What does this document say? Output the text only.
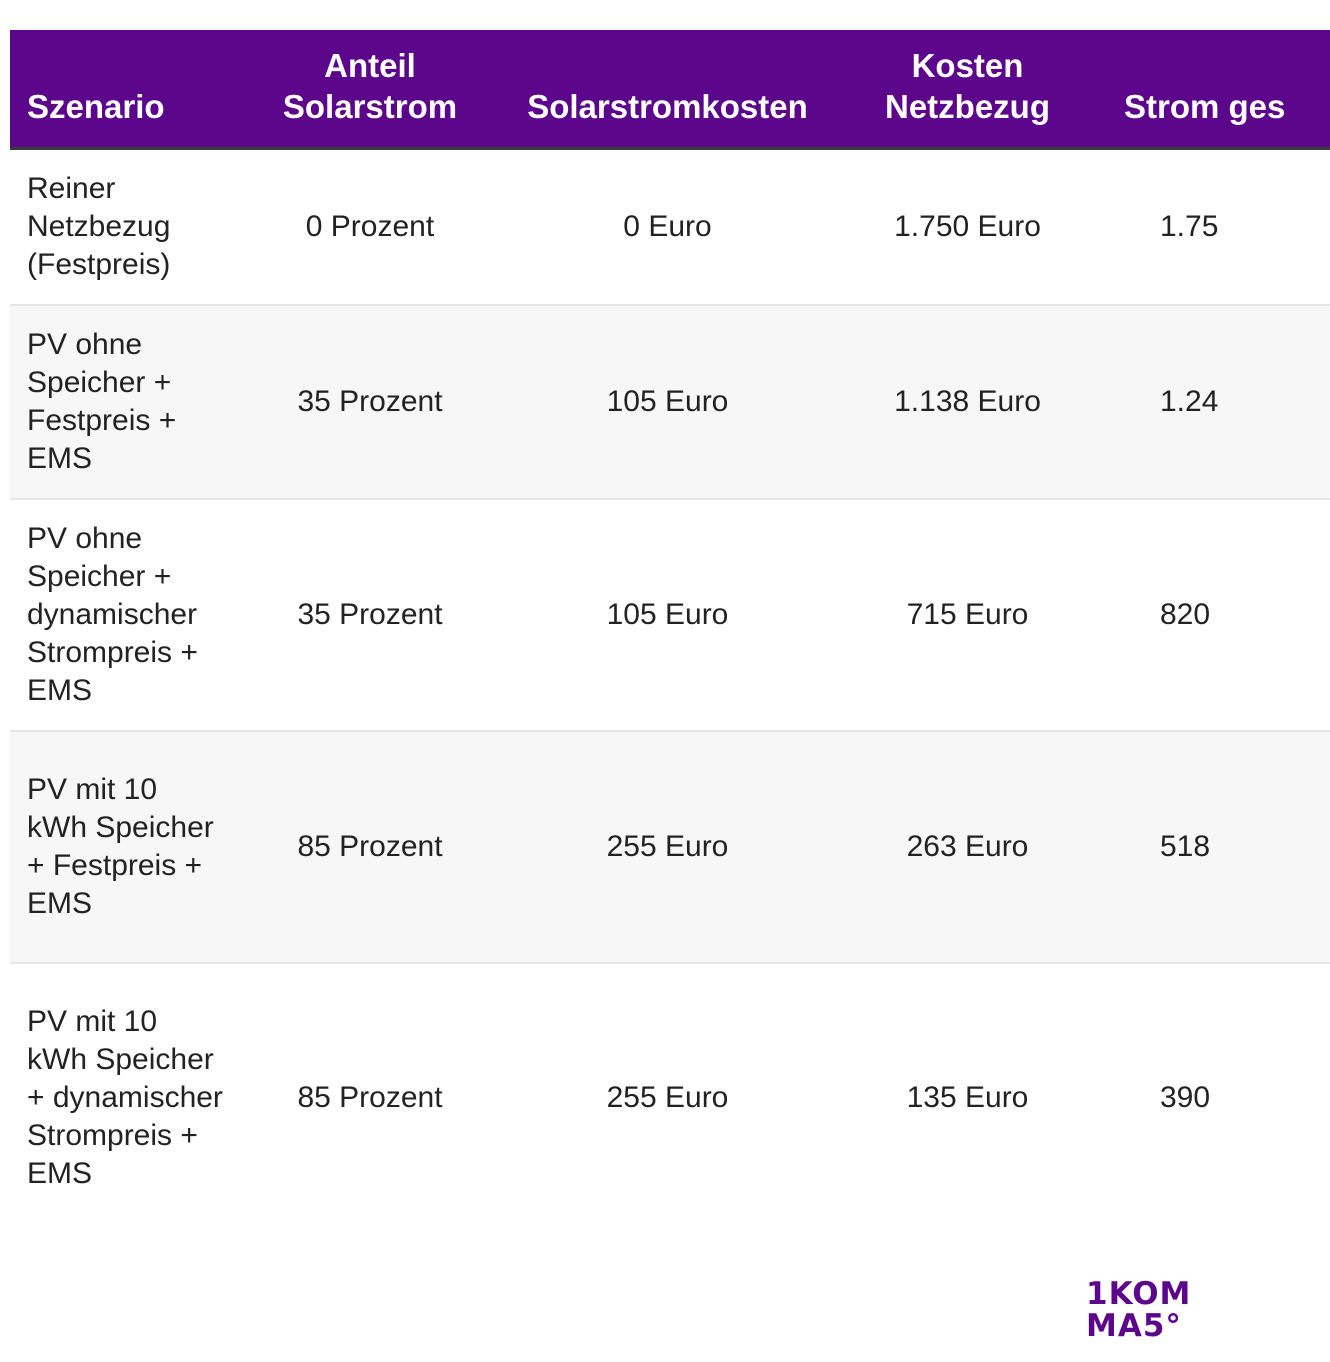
Szenario	Anteil Solarstrom	Solarstromkosten	Kosten Netzbezug	Strom ges
Reiner Netzbezug (Festpreis)	0 Prozent	0 Euro	1.750 Euro	1.75
PV ohne Speicher + Festpreis + EMS	35 Prozent	105 Euro	1.138 Euro	1.24
PV ohne Speicher + dynamischer Strompreis + EMS	35 Prozent	105 Euro	715 Euro	820
PV mit 10 kWh Speicher + Festpreis + EMS	85 Prozent	255 Euro	263 Euro	518
PV mit 10 kWh Speicher + dynamischer Strompreis + EMS	85 Prozent	255 Euro	135 Euro	390
1KOM
MA5°
